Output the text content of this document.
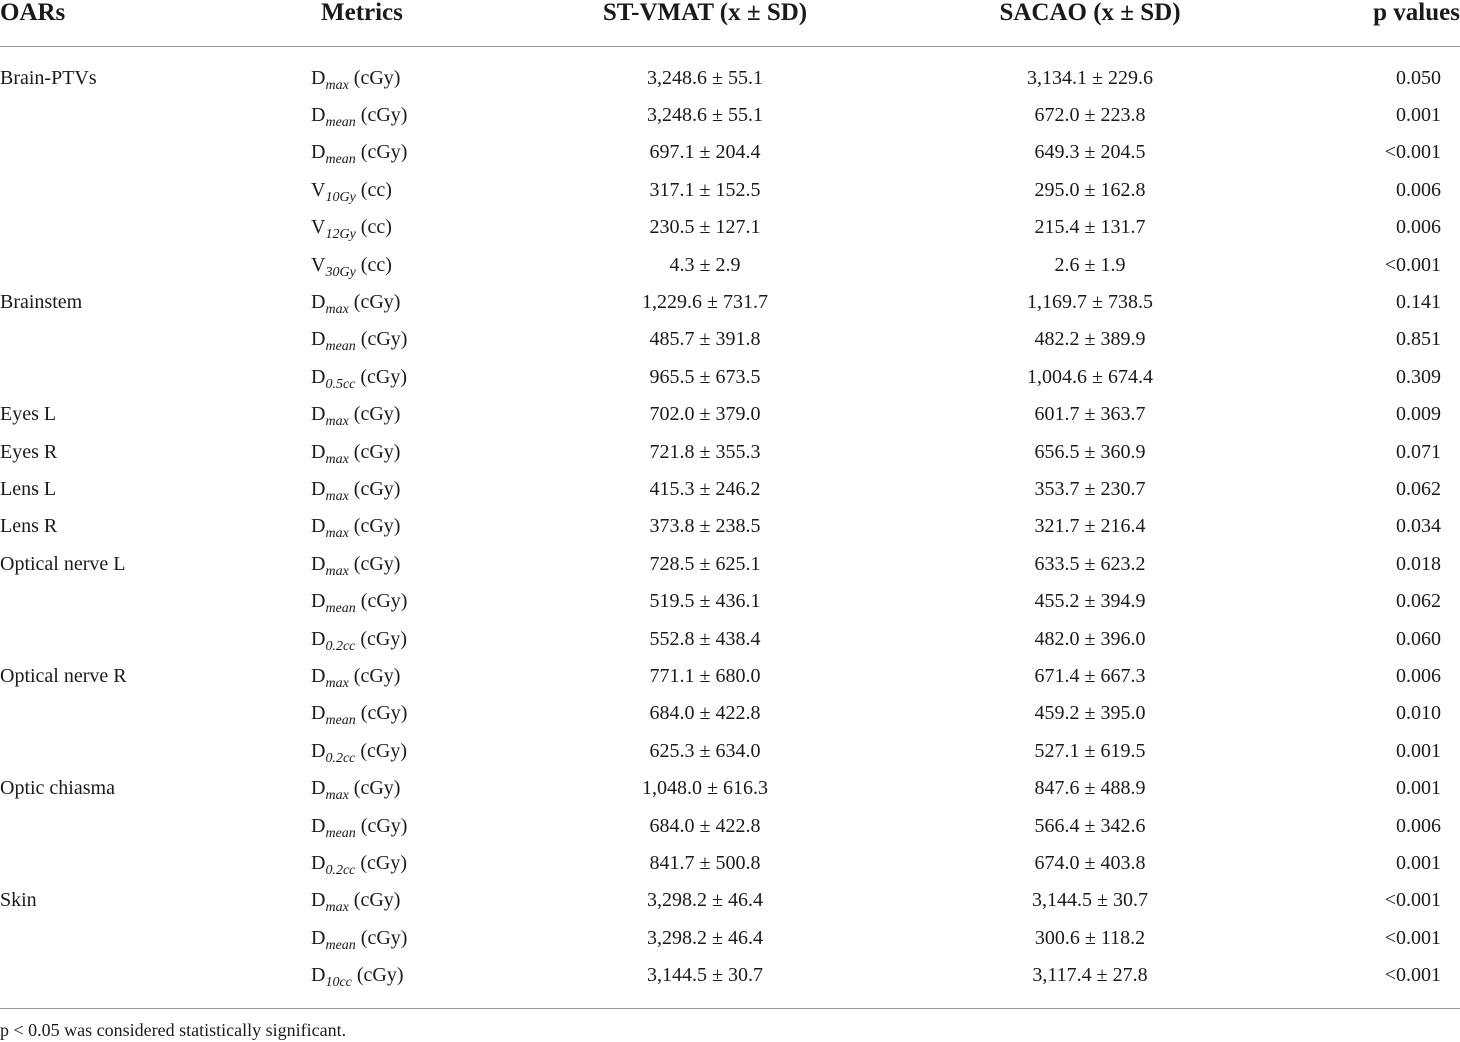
OARs	Metrics	ST-VMAT (x ± SD)	SACAO (x ± SD)	p values
Brain-PTVs	$D_{max}$ (cGy)	3,248.6 ± 55.1	3,134.1 ± 229.6	0.050
	$D_{mean}$ (cGy)	3,248.6 ± 55.1	672.0 ± 223.8	0.001
	$D_{mean}$ (cGy)	697.1 ± 204.4	649.3 ± 204.5	<0.001
	$V_{10Gy}$ (cc)	317.1 ± 152.5	295.0 ± 162.8	0.006
	$V_{12Gy}$ (cc)	230.5 ± 127.1	215.4 ± 131.7	0.006
	$V_{30Gy}$ (cc)	4.3 ± 2.9	2.6 ± 1.9	<0.001
Brainstem	$D_{max}$ (cGy)	1,229.6 ± 731.7	1,169.7 ± 738.5	0.141
	$D_{mean}$ (cGy)	485.7 ± 391.8	482.2 ± 389.9	0.851
	$D_{0.5cc}$ (cGy)	965.5 ± 673.5	1,004.6 ± 674.4	0.309
Eyes L	$D_{max}$ (cGy)	702.0 ± 379.0	601.7 ± 363.7	0.009
Eyes R	$D_{max}$ (cGy)	721.8 ± 355.3	656.5 ± 360.9	0.071
Lens L	$D_{max}$ (cGy)	415.3 ± 246.2	353.7 ± 230.7	0.062
Lens R	$D_{max}$ (cGy)	373.8 ± 238.5	321.7 ± 216.4	0.034
Optical nerve L	$D_{max}$ (cGy)	728.5 ± 625.1	633.5 ± 623.2	0.018
	$D_{mean}$ (cGy)	519.5 ± 436.1	455.2 ± 394.9	0.062
	$D_{0.2cc}$ (cGy)	552.8 ± 438.4	482.0 ± 396.0	0.060
Optical nerve R	$D_{max}$ (cGy)	771.1 ± 680.0	671.4 ± 667.3	0.006
	$D_{mean}$ (cGy)	684.0 ± 422.8	459.2 ± 395.0	0.010
	$D_{0.2cc}$ (cGy)	625.3 ± 634.0	527.1 ± 619.5	0.001
Optic chiasma	$D_{max}$ (cGy)	1,048.0 ± 616.3	847.6 ± 488.9	0.001
	$D_{mean}$ (cGy)	684.0 ± 422.8	566.4 ± 342.6	0.006
	$D_{0.2cc}$ (cGy)	841.7 ± 500.8	674.0 ± 403.8	0.001
Skin	$D_{max}$ (cGy)	3,298.2 ± 46.4	3,144.5 ± 30.7	<0.001
	$D_{mean}$ (cGy)	3,298.2 ± 46.4	300.6 ± 118.2	<0.001
	$D_{10cc}$ (cGy)	3,144.5 ± 30.7	3,117.4 ± 27.8	<0.001
p < 0.05 was considered statistically significant.
